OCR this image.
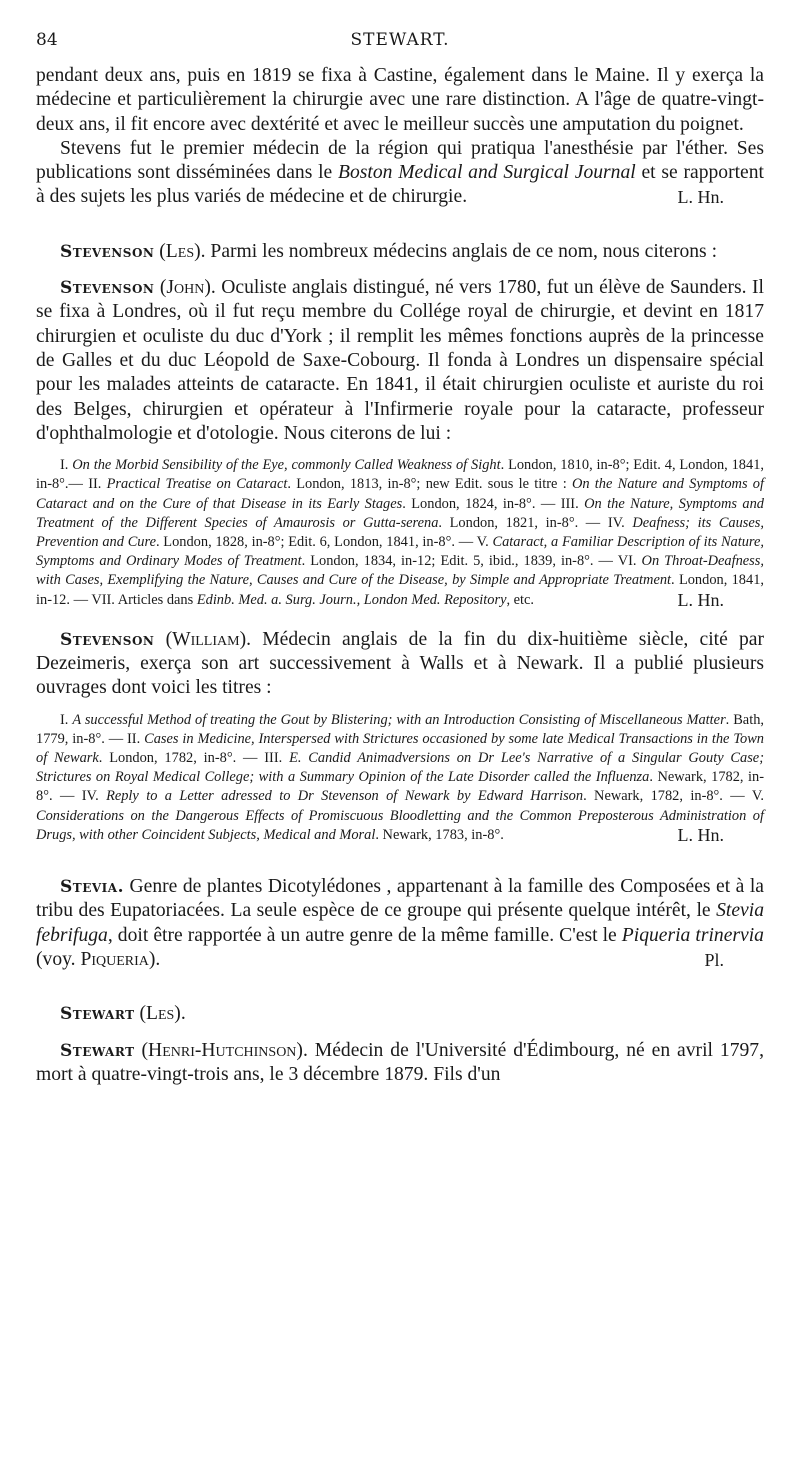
84	STEWART.

pendant deux ans, puis en 1819 se fixa à Castine, également dans le Maine. Il y exerça la médecine et particulièrement la chirurgie avec une rare distinction. A l'âge de quatre-vingt-deux ans, il fit encore avec dextérité et avec le meilleur succès une amputation du poignet.

Stevens fut le premier médecin de la région qui pratiqua l'anesthésie par l'éther. Ses publications sont disséminées dans le Boston Medical and Surgical Journal et se rapportent à des sujets les plus variés de médecine et de chirurgie.	L. Hn.

Stevenson (Les). Parmi les nombreux médecins anglais de ce nom, nous citerons :

Stevenson (John). Oculiste anglais distingué, né vers 1780, fut un élève de Saunders. Il se fixa à Londres, où il fut reçu membre du Collége royal de chirurgie, et devint en 1817 chirurgien et oculiste du duc d'York ; il remplit les mêmes fonctions auprès de la princesse de Galles et du duc Léopold de Saxe-Cobourg. Il fonda à Londres un dispensaire spécial pour les malades atteints de cataracte. En 1841, il était chirurgien oculiste et auriste du roi des Belges, chirurgien et opérateur à l'Infirmerie royale pour la cataracte, professeur d'ophthalmologie et d'otologie. Nous citerons de lui :

I. On the Morbid Sensibility of the Eye, commonly Called Weakness of Sight. London, 1810, in-8°; Edit. 4, London, 1841, in-8°.— II. Practical Treatise on Cataract. London, 1813, in-8°; new Edit. sous le titre : On the Nature and Symptoms of Cataract and on the Cure of that Disease in its Early Stages. London, 1824, in-8°. — III. On the Nature, Symptoms and Treatment of the Different Species of Amaurosis or Gutta-serena. London, 1821, in-8°. — IV. Deafness; its Causes, Prevention and Cure. London, 1828, in-8°; Edit. 6, London, 1841, in-8°. — V. Cataract, a Familiar Description of its Nature, Symptoms and Ordinary Modes of Treatment. London, 1834, in-12; Edit. 5, ibid., 1839, in-8°. — VI. On Throat-Deafness, with Cases, Exemplifying the Nature, Causes and Cure of the Disease, by Simple and Appropriate Treatment. London, 1841, in-12. — VII. Articles dans Edinb. Med. a. Surg. Journ., London Med. Repository, etc.	L. Hn.

Stevenson (William). Médecin anglais de la fin du dix-huitième siècle, cité par Dezeimeris, exerça son art successivement à Walls et à Newark. Il a publié plusieurs ouvrages dont voici les titres :

I. A successful Method of treating the Gout by Blistering; with an Introduction Consisting of Miscellaneous Matter. Bath, 1779, in-8°. — II. Cases in Medicine, Interspersed with Strictures occasioned by some late Medical Transactions in the Town of Newark. London, 1782, in-8°. — III. E. Candid Animadversions on Dr Lee's Narrative of a Singular Gouty Case; Strictures on Royal Medical College; with a Summary Opinion of the Late Disorder called the Influenza. Newark, 1782, in-8°. — IV. Reply to a Letter adressed to Dr Stevenson of Newark by Edward Harrison. Newark, 1782, in-8°. — V. Considerations on the Dangerous Effects of Promiscuous Bloodletting and the Common Preposterous Administration of Drugs, with other Coincident Subjects, Medical and Moral. Newark, 1783, in-8°.	L. Hn.

Stevia. Genre de plantes Dicotylédones , appartenant à la famille des Composées et à la tribu des Eupatoriacées. La seule espèce de ce groupe qui présente quelque intérêt, le Stevia febrifuga, doit être rapportée à un autre genre de la même famille. C'est le Piqueria trinervia (voy. Piqueria).	Pl.

Stewart (Les).

Stewart (Henri-Hutchinson). Médecin de l'Université d'Édimbourg, né en avril 1797, mort à quatre-vingt-trois ans, le 3 décembre 1879. Fils d'un
